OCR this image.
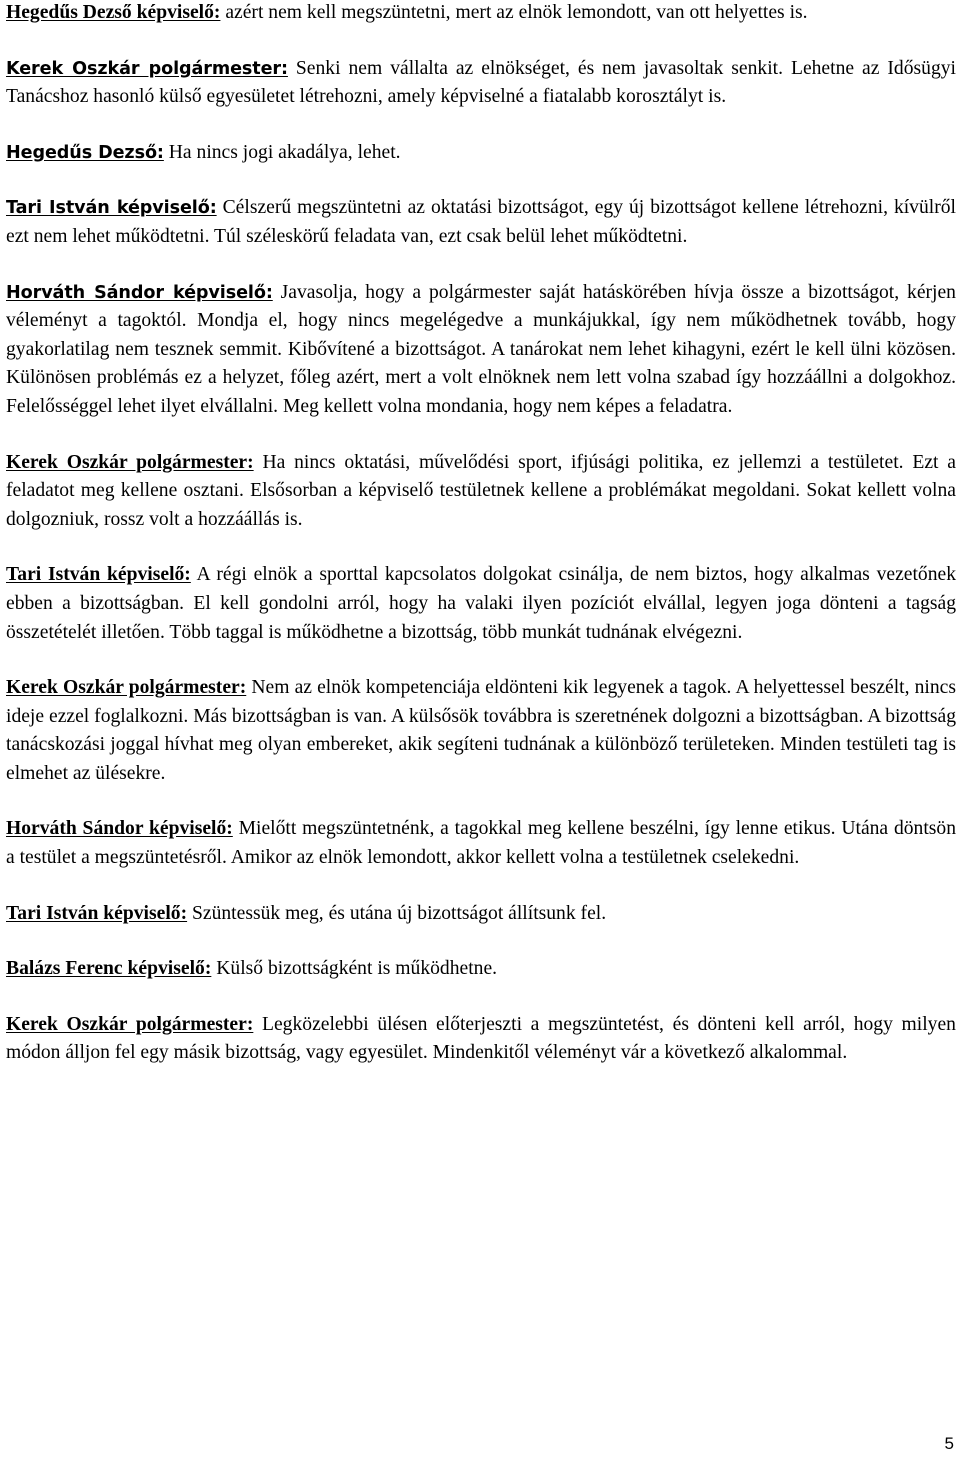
Hegedűs Dezső képviselő: azért nem kell megszüntetni, mert az elnök lemondott, van ott helyettes is.

Kerek Oszkár polgármester: Senki nem vállalta az elnökséget, és nem javasoltak senkit. Lehetne az Idősügyi Tanácshoz hasonló külső egyesületet létrehozni, amely képviselné a fiatalabb korosztályt is.

Hegedűs Dezső: Ha nincs jogi akadálya, lehet.

Tari István képviselő: Célszerű megszüntetni az oktatási bizottságot, egy új bizottságot kellene létrehozni, kívülről ezt nem lehet működtetni. Túl széleskörű feladata van, ezt csak belül lehet működtetni.

Horváth Sándor képviselő: Javasolja, hogy a polgármester saját hatáskörében hívja össze a bizottságot, kérjen véleményt a tagoktól. Mondja el, hogy nincs megelégedve a munkájukkal, így nem működhetnek tovább, hogy gyakorlatilag nem tesznek semmit. Kibővítené a bizottságot. A tanárokat nem lehet kihagyni, ezért le kell ülni közösen. Különösen problémás ez a helyzet, főleg azért, mert a volt elnöknek nem lett volna szabad így hozzáállni a dolgokhoz. Felelősséggel lehet ilyet elvállalni. Meg kellett volna mondania, hogy nem képes a feladatra.

Kerek Oszkár polgármester: Ha nincs oktatási, művelődési sport, ifjúsági politika, ez jellemzi a testületet. Ezt a feladatot meg kellene osztani. Elsősorban a képviselő testületnek kellene a problémákat megoldani. Sokat kellett volna dolgozniuk, rossz volt a hozzáállás is.

Tari István képviselő: A régi elnök a sporttal kapcsolatos dolgokat csinálja, de nem biztos, hogy alkalmas vezetőnek ebben a bizottságban. El kell gondolni arról, hogy ha valaki ilyen pozíciót elvállal, legyen joga dönteni a tagság összetételét illetően. Több taggal is működhetne a bizottság, több munkát tudnának elvégezni.

Kerek Oszkár polgármester: Nem az elnök kompetenciája eldönteni kik legyenek a tagok. A helyettessel beszélt, nincs ideje ezzel foglalkozni. Más bizottságban is van. A külsősök továbbra is szeretnének dolgozni a bizottságban. A bizottság tanácskozási joggal hívhat meg olyan embereket, akik segíteni tudnának a különböző területeken. Minden testületi tag is elmehet az ülésekre.

Horváth Sándor képviselő: Mielőtt megszüntetnénk, a tagokkal meg kellene beszélni, így lenne etikus. Utána döntsön a testület a megszüntetésről. Amikor az elnök lemondott, akkor kellett volna a testületnek cselekedni.

Tari István képviselő: Szüntessük meg, és utána új bizottságot állítsunk fel.

Balázs Ferenc képviselő: Külső bizottságként is működhetne.

Kerek Oszkár polgármester: Legközelebbi ülésen előterjeszti a megszüntetést, és dönteni kell arról, hogy milyen módon álljon fel egy másik bizottság, vagy egyesület. Mindenkitől véleményt vár a következő alkalommal.

5
